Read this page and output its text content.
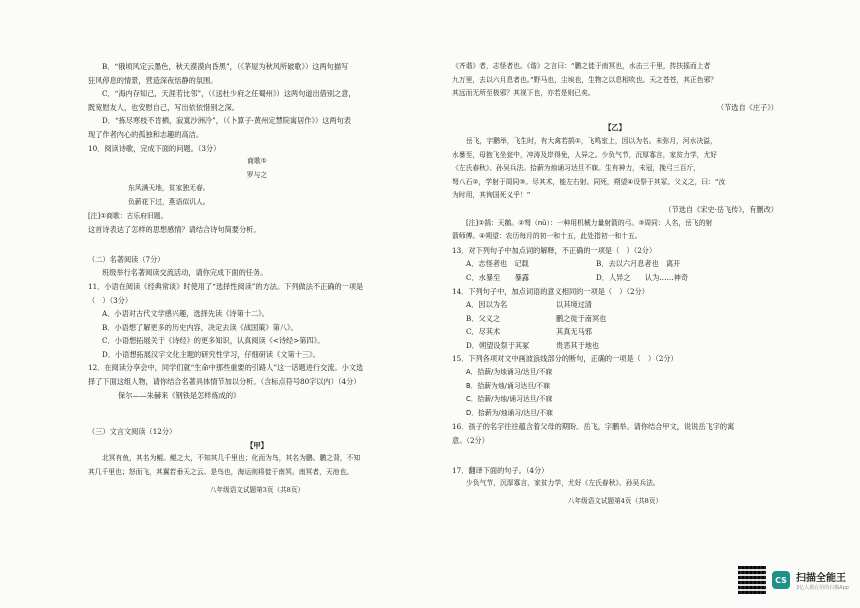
B．“俄顷风定云墨色，秋天漠漠向昏黑”，（《茅屋为秋风所破歌》）这两句描写
狂风停息的情景，营造深夜恬静的氛围。
C．“海内存知己，天涯若比邻”，（《送杜少府之任蜀州》）这两句道出借别之意，
既宽慰友人，也安慰自己，写出依依惜别之深。
D．“拣尽寒枝不肯栖，寂寞沙洲冷”，（《卜算子·黄州定慧院寓居作》）这两句表
现了作者内心的孤独和志趣的高洁。
10．阅读诗歌，完成下面的问题。（3分）
商歌①
罗与之
东风满天地，贫家独无春。
负薪花下过，燕语似讥人。
[注]①商歌：古乐府旧题。
这首诗表达了怎样的思想感情？请结合诗句简要分析。
（二）名著阅读（7分）
班级举行名著阅读交流活动，请你完成下面的任务。
11．小语在阅读《经典常谈》时使用了“选择性阅读”的方法。下列做法不正确的一项是
（　）（3分）
A．小语对古代文学感兴趣，选择先读《诗第十二》。
B．小语想了解更多的历史内容，决定去读《战国策》第八》。
C．小语想拓展关于《诗经》的更多知识，认真阅读《<诗经>第四》。
D．小语想拓展汉字文化主题的研究性学习，仔细研读《文第十三》。
12．在阅读分享会中，同学们就“生命中那些重要的引路人”这一话题进行交流。小文选
择了下面这组人物，请你结合名著具体情节加以分析。（含标点符号80字以内）（4分）
保尔——朱赫来《钢铁是怎样炼成的》
（三）文言文阅读（12分）
【甲】
北冥有鱼，其名为鲲。鲲之大，不知其几千里也；化而为鸟，其名为鹏。鹏之背，不知
其几千里也；怒而飞，其翼若垂天之云。是鸟也，海运则将徙于南冥。南冥者，天池也。
八年级语文试题第3页（共8页）
《齐谐》者，志怪者也。《谐》之言曰：“鹏之徙于南冥也，水击三千里，抟扶摇而上者
九万里，去以六月息者也。”野马也，尘埃也，生物之以息相吹也。天之苍苍，其正色邪？
其远而无所至极邪？其视下也，亦若是则已矣。
（节选自《庄子》）
【乙】
岳飞，字鹏举，飞生时，有大禽若鹄①，飞鸣室上，因以为名。未弥月，河水决溢，
水暴至，母抱飞坐瓮中，冲涛及岸得免，人异之。少负气节，沉厚寡言，家贫力学，尤好
《左氏春秋》、孙吴兵法。拾薪为烛诵习达旦不寐。生有神力，未冠，挽弓三百斤，
弩八石②，学射于周同③。尽其术，能左右射。同死，朔望④设祭于其冢。父义之，曰：“汝
为时用，其徇国死义乎！”
（节选自《宋史·岳飞传》，有删改）
[注]①鹄：天鹅。②弩（nǔ）：一种用机械力量射箭的弓。③周同：人名，岳飞的射
箭师傅。④朔望：农历每月的初一和十五，此处指初一和十五。
13．对下列句子中加点词的解释，不正确的一项是（　）（2分）
A．志怪者也　记载	B．去以六月息者也　离开
C．水暴至　　暴露	D．人异之　　认为……神奇
14．下列句子中，加点词语的意义相同的一项是（　）（2分）
A．因以为名	以其境过清
B．父义之	鹏之徙于南冥也
C．尽其术	其真无马邪
D．朔望设祭于其冢	贵恶其于地也
15．下列各项对文中画波浪线部分的断句，正确的一项是（　）（2分）
A．拾薪/为烛诵习/达旦/不寐
B．拾薪为烛/诵习达旦/不寐
C．拾薪/为烛/诵习达旦/不寐
D．拾薪为/烛诵习/达旦/不寐
16．孩子的名字往往蕴含着父母的期盼。岳飞，字鹏举。请你结合甲文，说说岳飞字的寓
意。（2分）
17．翻译下面的句子。（4分）
少负气节，沉厚寡言，家贫力学，尤好《左氏春秋》、孙吴兵法。
八年级语文试题第4页（共8页）
CS 扫描全能王
3亿人都在用的扫描App
